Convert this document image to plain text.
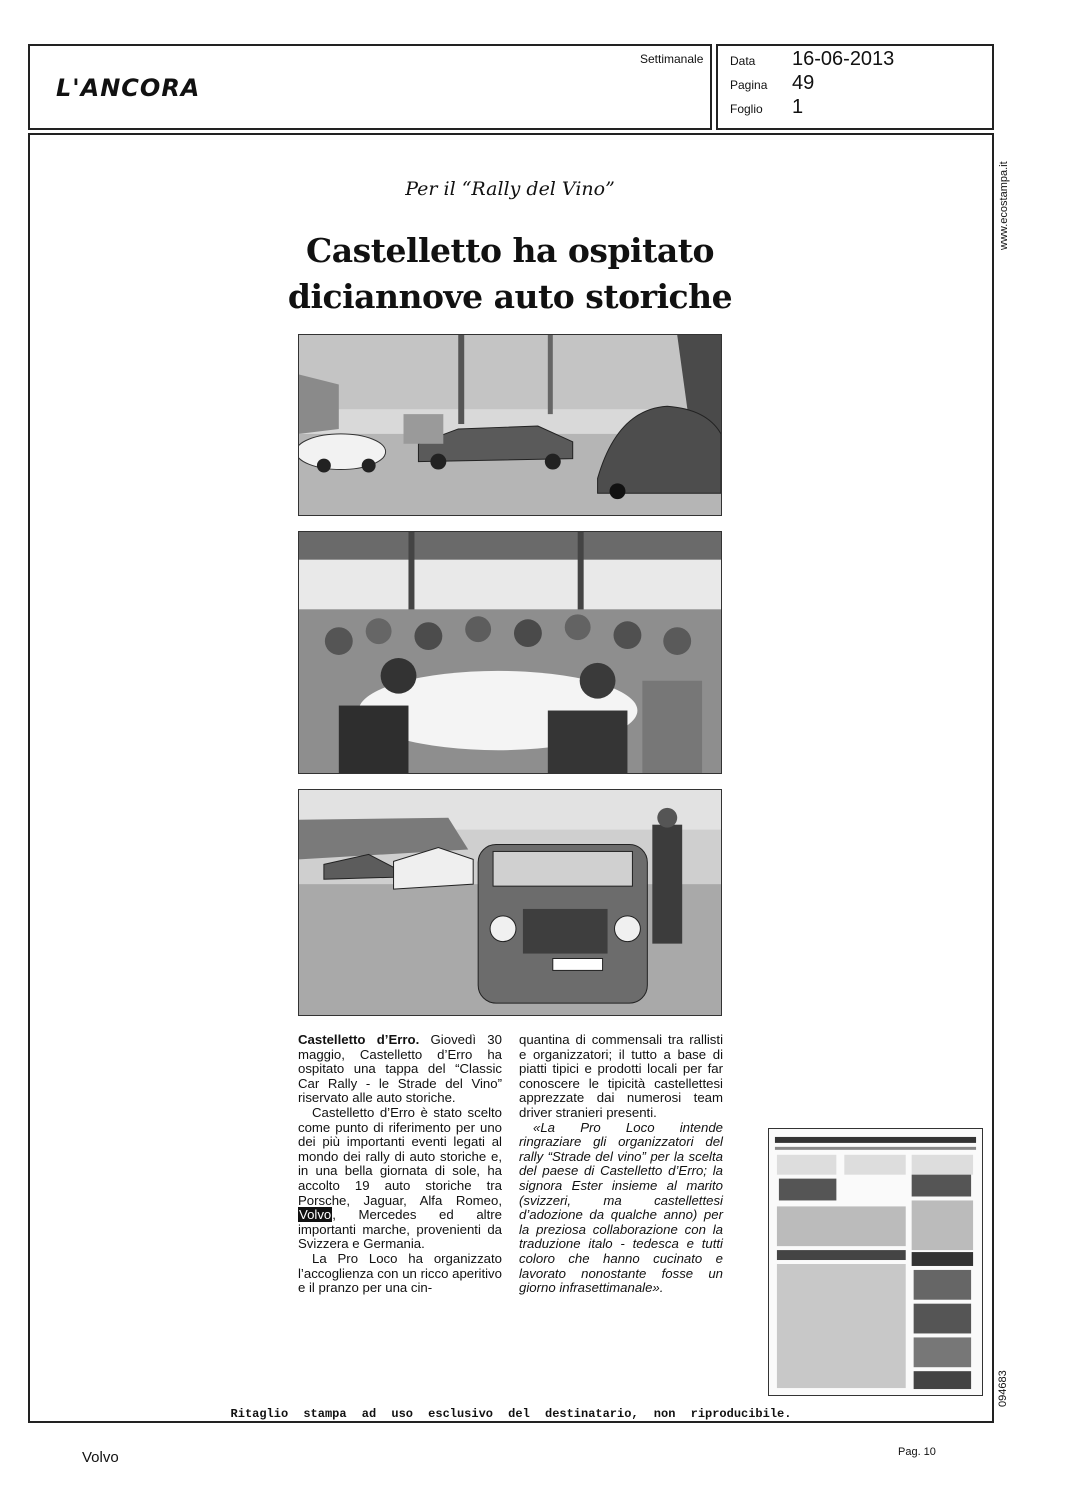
L'ANCORA
Settimanale Data 16-06-2013
Pagina 49
Foglio 1
www.ecostampa.it
094683
Per il “Rally del Vino”
Castelletto ha ospitato
diciannove auto storiche

Castelletto d’Erro. Giovedì 30 maggio, Castelletto d’Erro ha ospitato una tappa del “Classic Car Rally - le Strade del Vino” riservato alle auto storiche.

Castelletto d’Erro è stato scelto come punto di riferimento per uno dei più importanti eventi legati al mondo dei rally di auto storiche e, in una bella giornata di sole, ha accolto 19 auto storiche tra Porsche, Jaguar, Alfa Romeo, Volvo, Mercedes ed altre importanti marche, provenienti da Svizzera e Germania.

La Pro Loco ha organizzato l’accoglienza con un ricco aperitivo e il pranzo per una cin-

quantina di commensali tra rallisti e organizzatori; il tutto a base di piatti tipici e prodotti locali per far conoscere le tipicità castellettesi apprezzate dai numerosi team driver stranieri presenti.

«La Pro Loco intende ringraziare gli organizzatori del rally “Strade del vino” per la scelta del paese di Castelletto d’Erro; la signora Ester insieme al marito (svizzeri, ma castellettesi d’adozione da qualche anno) per la preziosa collaborazione con la traduzione italo - tedesca e tutti coloro che hanno cucinato e lavorato nonostante fosse un giorno infrasettimanale».

Ritaglio stampa ad uso esclusivo del destinatario, non riproducibile.
Volvo	Pag. 10
